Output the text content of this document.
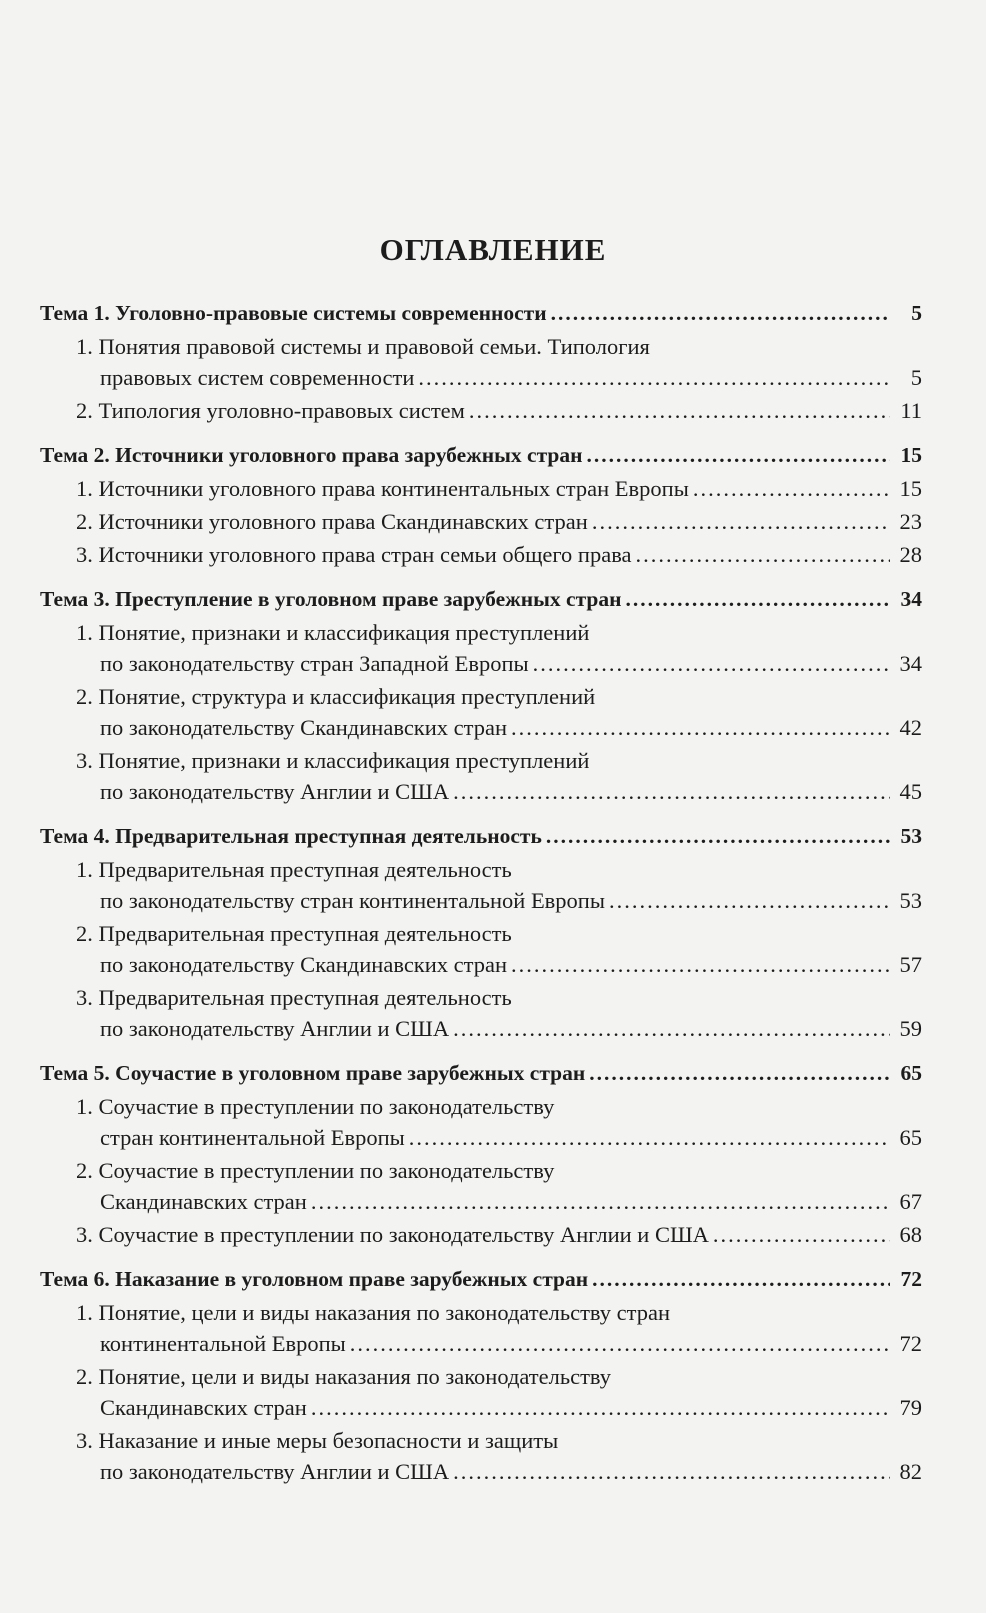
ОГЛАВЛЕНИЕ
Тема 1. Уголовно-правовые системы современности .....	5
1. Понятия правовой системы и правовой семьи. Типология
правовых систем современности .....	5
2. Типология уголовно-правовых систем .....	11
Тема 2. Источники уголовного права зарубежных стран .....	15
1. Источники уголовного права континентальных стран Европы .....	15
2. Источники уголовного права Скандинавских стран .....	23
3. Источники уголовного права стран семьи общего права .....	28
Тема 3. Преступление в уголовном праве зарубежных стран .....	34
1. Понятие, признаки и классификация преступлений
по законодательству стран Западной Европы .....	34
2. Понятие, структура и классификация преступлений
по законодательству Скандинавских стран .....	42
3. Понятие, признаки и классификация преступлений
по законодательству Англии и США .....	45
Тема 4. Предварительная преступная деятельность .....	53
1. Предварительная преступная деятельность
по законодательству стран континентальной Европы .....	53
2. Предварительная преступная деятельность
по законодательству Скандинавских стран .....	57
3. Предварительная преступная деятельность
по законодательству Англии и США .....	59
Тема 5. Соучастие в уголовном праве зарубежных стран .....	65
1. Соучастие в преступлении по законодательству
стран континентальной Европы .....	65
2. Соучастие в преступлении по законодательству
Скандинавских стран .....	67
3. Соучастие в преступлении по законодательству Англии и США .....	68
Тема 6. Наказание в уголовном праве зарубежных стран .....	72
1. Понятие, цели и виды наказания по законодательству стран
континентальной Европы .....	72
2. Понятие, цели и виды наказания по законодательству
Скандинавских стран .....	79
3. Наказание и иные меры безопасности и защиты
по законодательству Англии и США .....	82
